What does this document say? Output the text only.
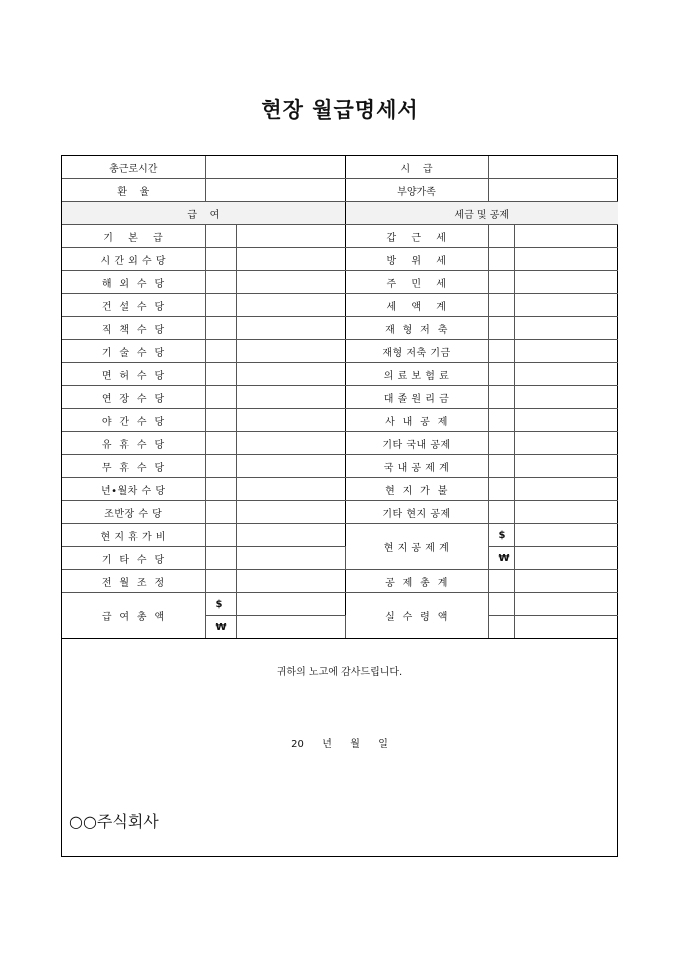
현장 월급명세서
총근로시간			시    급		
환    율			부양가족		
급    여			세금 및 공제		
기    본    급			갑    근    세		
시 간 외 수 당			방    위    세		
해  외  수  당			주    민    세		
건  설  수  당			세    액    계		
직  책  수  당			재  형  저  축		
기  술  수  당			재형 저축 기금		
면  허  수  당			의 료 보 험 료		
연  장  수  당			대 졸 원 리 금		
야  간  수  당			사  내  공  제		
유  휴  수  당			기타 국내 공제		
무  휴  수  당			국 내 공 제 계		
년•월차 수 당			현  지  가  불		
조반장 수 당			기타 현지 공제		
현 지 휴 가 비			현 지 공 제 계	$	
기  타  수  당				₩	
전  월  조  정			공  제  총  계		
급  여  총  액	$		실  수  령  액		
	₩				
귀하의 노고에 감사드립니다.
20  년  월  일
○○주식회사
